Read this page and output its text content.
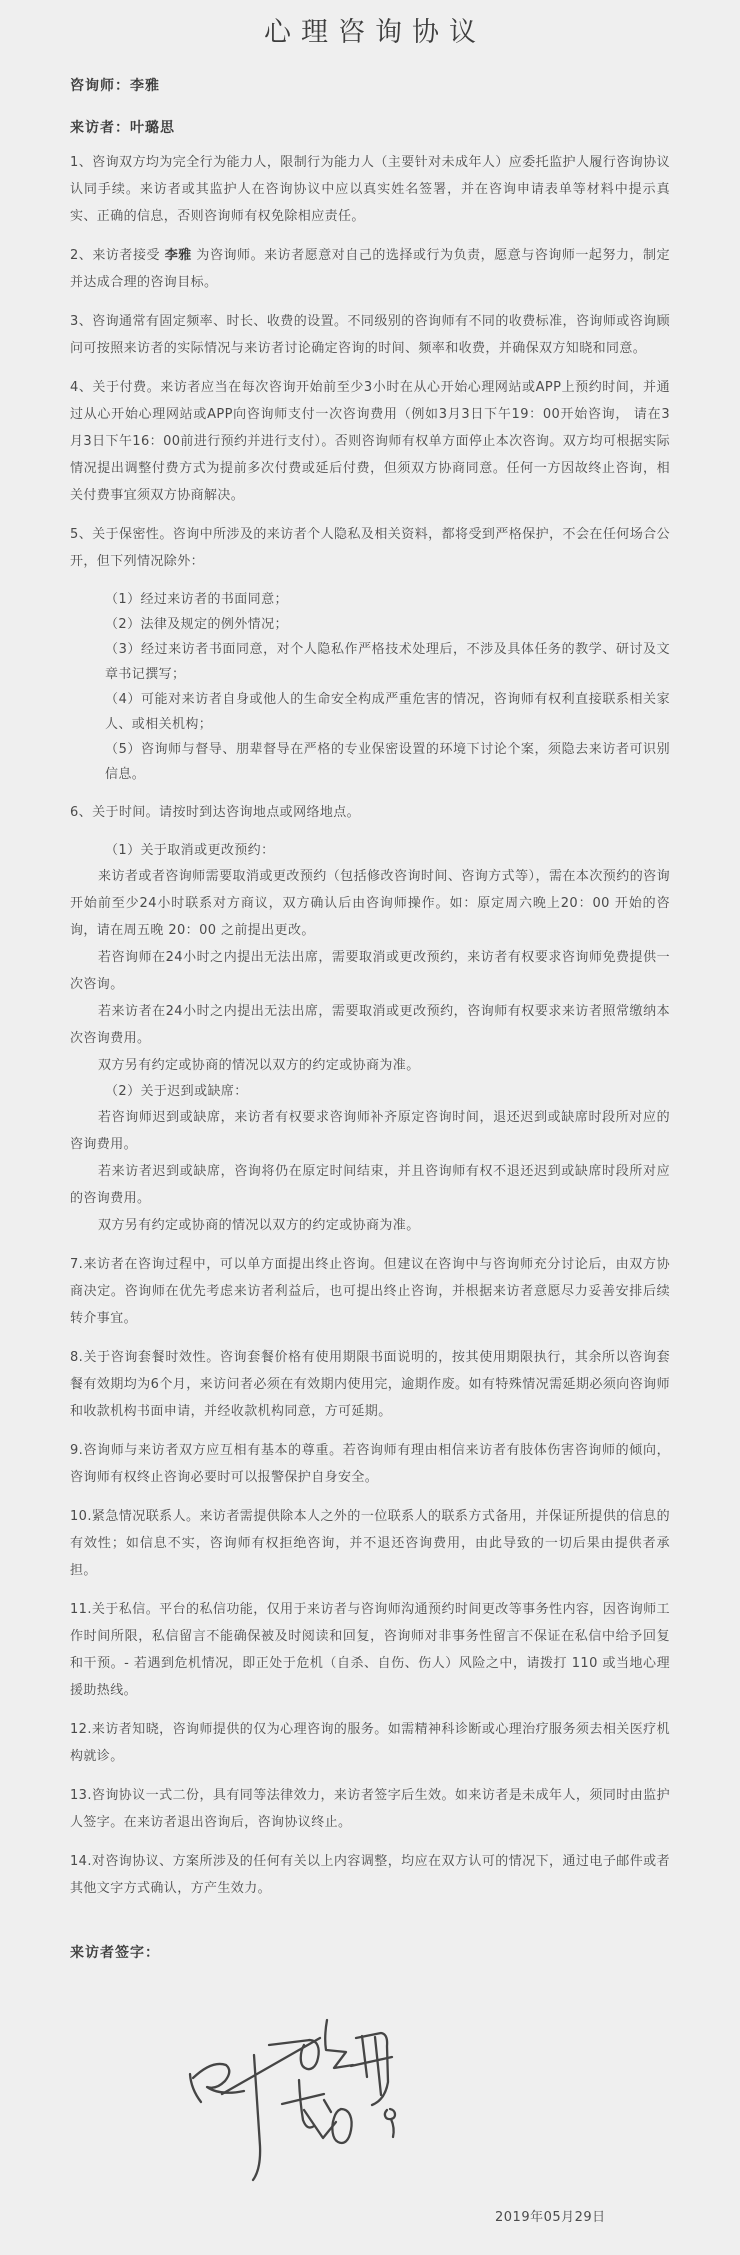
心理咨询协议

咨询师：李雅

来访者：叶璐思

1、咨询双方均为完全行为能力人，限制行为能力人（主要针对未成年人）应委托监护人履行咨询协议认同手续。来访者或其监护人在咨询协议中应以真实姓名签署，并在咨询申请表单等材料中提示真实、正确的信息，否则咨询师有权免除相应责任。

2、来访者接受 李雅 为咨询师。来访者愿意对自己的选择或行为负责，愿意与咨询师一起努力，制定并达成合理的咨询目标。

3、咨询通常有固定频率、时长、收费的设置。不同级别的咨询师有不同的收费标准，咨询师或咨询顾问可按照来访者的实际情况与来访者讨论确定咨询的时间、频率和收费，并确保双方知晓和同意。

4、关于付费。来访者应当在每次咨询开始前至少3小时在从心开始心理网站或APP上预约时间，并通过从心开始心理网站或APP向咨询师支付一次咨询费用（例如3月3日下午19：00开始咨询， 请在3月3日下午16：00前进行预约并进行支付）。否则咨询师有权单方面停止本次咨询。双方均可根据实际情况提出调整付费方式为提前多次付费或延后付费，但须双方协商同意。任何一方因故终止咨询，相关付费事宜须双方协商解决。

5、关于保密性。咨询中所涉及的来访者个人隐私及相关资料，都将受到严格保护，不会在任何场合公开，但下列情况除外：

（1）经过来访者的书面同意；

（2）法律及规定的例外情况；

（3）经过来访者书面同意，对个人隐私作严格技术处理后，不涉及具体任务的教学、研讨及文章书记撰写；

（4）可能对来访者自身或他人的生命安全构成严重危害的情况，咨询师有权利直接联系相关家人、或相关机构；

（5）咨询师与督导、朋辈督导在严格的专业保密设置的环境下讨论个案，须隐去来访者可识别信息。

6、关于时间。请按时到达咨询地点或网络地点。

（1）关于取消或更改预约：

来访者或者咨询师需要取消或更改预约（包括修改咨询时间、咨询方式等），需在本次预约的咨询开始前至少24小时联系对方商议，双方确认后由咨询师操作。如：原定周六晚上20：00 开始的咨询，请在周五晚 20：00 之前提出更改。

若咨询师在24小时之内提出无法出席，需要取消或更改预约，来访者有权要求咨询师免费提供一次咨询。

若来访者在24小时之内提出无法出席，需要取消或更改预约，咨询师有权要求来访者照常缴纳本次咨询费用。

双方另有约定或协商的情况以双方的约定或协商为准。

（2）关于迟到或缺席：

若咨询师迟到或缺席，来访者有权要求咨询师补齐原定咨询时间，退还迟到或缺席时段所对应的咨询费用。

若来访者迟到或缺席，咨询将仍在原定时间结束，并且咨询师有权不退还迟到或缺席时段所对应的咨询费用。

双方另有约定或协商的情况以双方的约定或协商为准。

7.来访者在咨询过程中，可以单方面提出终止咨询。但建议在咨询中与咨询师充分讨论后，由双方协商决定。咨询师在优先考虑来访者利益后，也可提出终止咨询，并根据来访者意愿尽力妥善安排后续转介事宜。

8.关于咨询套餐时效性。咨询套餐价格有使用期限书面说明的，按其使用期限执行，其余所以咨询套餐有效期均为6个月，来访问者必须在有效期内使用完，逾期作废。如有特殊情况需延期必须向咨询师和收款机构书面申请，并经收款机构同意，方可延期。

9.咨询师与来访者双方应互相有基本的尊重。若咨询师有理由相信来访者有肢体伤害咨询师的倾向，咨询师有权终止咨询必要时可以报警保护自身安全。

10.紧急情况联系人。来访者需提供除本人之外的一位联系人的联系方式备用，并保证所提供的信息的有效性；如信息不实，咨询师有权拒绝咨询，并不退还咨询费用，由此导致的一切后果由提供者承担。

11.关于私信。平台的私信功能，仅用于来访者与咨询师沟通预约时间更改等事务性内容，因咨询师工作时间所限，私信留言不能确保被及时阅读和回复，咨询师对非事务性留言不保证在私信中给予回复和干预。- 若遇到危机情况，即正处于危机（自杀、自伤、伤人）风险之中，请拨打 110 或当地心理援助热线。

12.来访者知晓，咨询师提供的仅为心理咨询的服务。如需精神科诊断或心理治疗服务须去相关医疗机构就诊。

13.咨询协议一式二份，具有同等法律效力，来访者签字后生效。如来访者是未成年人，须同时由监护人签字。在来访者退出咨询后，咨询协议终止。

14.对咨询协议、方案所涉及的任何有关以上内容调整，均应在双方认可的情况下，通过电子邮件或者其他文字方式确认，方产生效力。

来访者签字：

2019年05月29日
